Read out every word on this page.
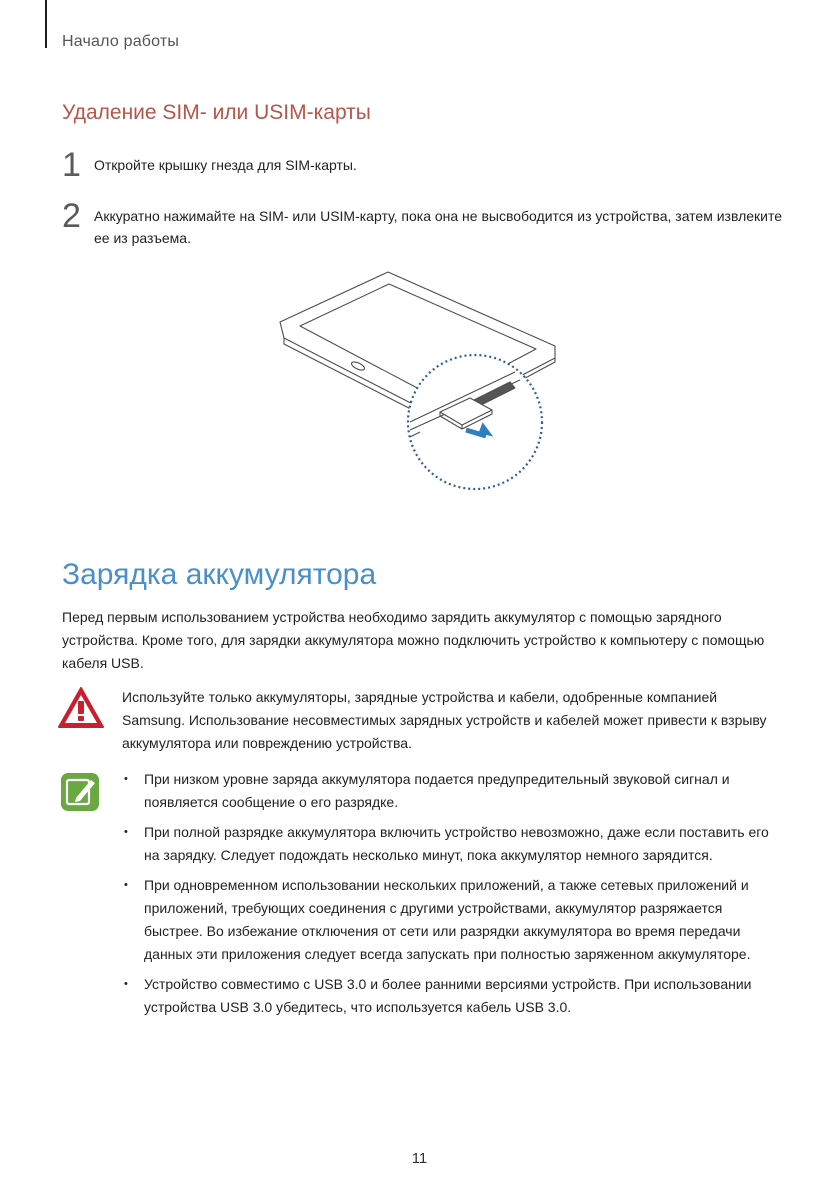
Начало работы
Удаление SIM- или USIM-карты
1 Откройте крышку гнезда для SIM-карты.
2 Аккуратно нажимайте на SIM- или USIM-карту, пока она не высвободится из устройства, затем извлеките ее из разъема.
Зарядка аккумулятора
Перед первым использованием устройства необходимо зарядить аккумулятор с помощью зарядного устройства. Кроме того, для зарядки аккумулятора можно подключить устройство к компьютеру с помощью кабеля USB.
Используйте только аккумуляторы, зарядные устройства и кабели, одобренные компанией Samsung. Использование несовместимых зарядных устройств и кабелей может привести к взрыву аккумулятора или повреждению устройства.
• При низком уровне заряда аккумулятора подается предупредительный звуковой сигнал и появляется сообщение о его разрядке.
• При полной разрядке аккумулятора включить устройство невозможно, даже если поставить его на зарядку. Следует подождать несколько минут, пока аккумулятор немного зарядится.
• При одновременном использовании нескольких приложений, а также сетевых приложений и приложений, требующих соединения с другими устройствами, аккумулятор разряжается быстрее. Во избежание отключения от сети или разрядки аккумулятора во время передачи данных эти приложения следует всегда запускать при полностью заряженном аккумуляторе.
• Устройство совместимо с USB 3.0 и более ранними версиями устройств. При использовании устройства USB 3.0 убедитесь, что используется кабель USB 3.0.
11
